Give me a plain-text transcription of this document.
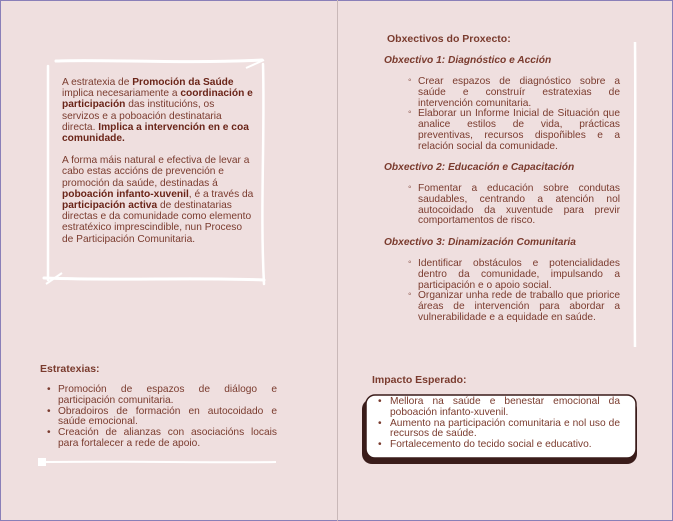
A estratexia de Promoción da Saúde implica necesariamente a coordinación e participación das institucións, os servizos e a poboación destinataria directa. Implica a intervención en e coa comunidade.

A forma máis natural e efectiva de levar a cabo estas accións de prevención e promoción da saúde, destinadas á poboación infanto-xuvenil, é a través da participación activa de destinatarias directas e da comunidade como elemento estratéxico imprescindible, nun Proceso de Participación Comunitaria.

Estratexias:
• Promoción de espazos de diálogo e participación comunitaria.
• Obradoiros de formación en autocoidado e saúde emocional.
• Creación de alianzas con asociacións locais para fortalecer a rede de apoio.
Obxectivos do Proxecto:
Obxectivo 1: Diagnóstico e Acción
◦ Crear espazos de diagnóstico sobre a saúde e construír estratexias de intervención comunitaria.
◦ Elaborar un Informe Inicial de Situación que analice estilos de vida, prácticas preventivas, recursos dispoñibles e a relación social da comunidade.
Obxectivo 2: Educación e Capacitación
◦ Fomentar a educación sobre condutas saudables, centrando a atención nol autocoidado da xuventude para previr comportamentos de risco.
Obxectivo 3: Dinamización Comunitaria
◦ Identificar obstáculos e potencialidades dentro da comunidade, impulsando a participación e o apoio social.
◦ Organizar unha rede de traballo que priorice áreas de intervención para abordar a vulnerabilidade e a equidade en saúde.
Impacto Esperado:
• Mellora na saúde e benestar emocional da poboación infanto-xuvenil.
• Aumento na participación comunitaria e nol uso de recursos de saúde.
• Fortalecemento do tecido social e educativo.
